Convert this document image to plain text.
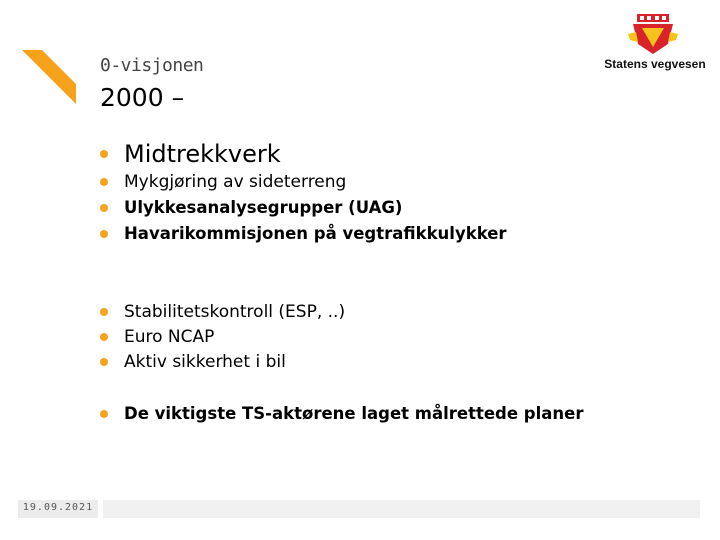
0-visjonen
2000 –
Statens vegvesen
Midtrekkverk
Mykgjøring av sideterreng
Ulykkesanalysegrupper (UAG)
Havarikommisjonen på vegtrafikkulykker
Stabilitetskontroll (ESP, ..)
Euro NCAP
Aktiv sikkerhet i bil
De viktigste TS-aktørene laget målrettede planer
19.09.2021
